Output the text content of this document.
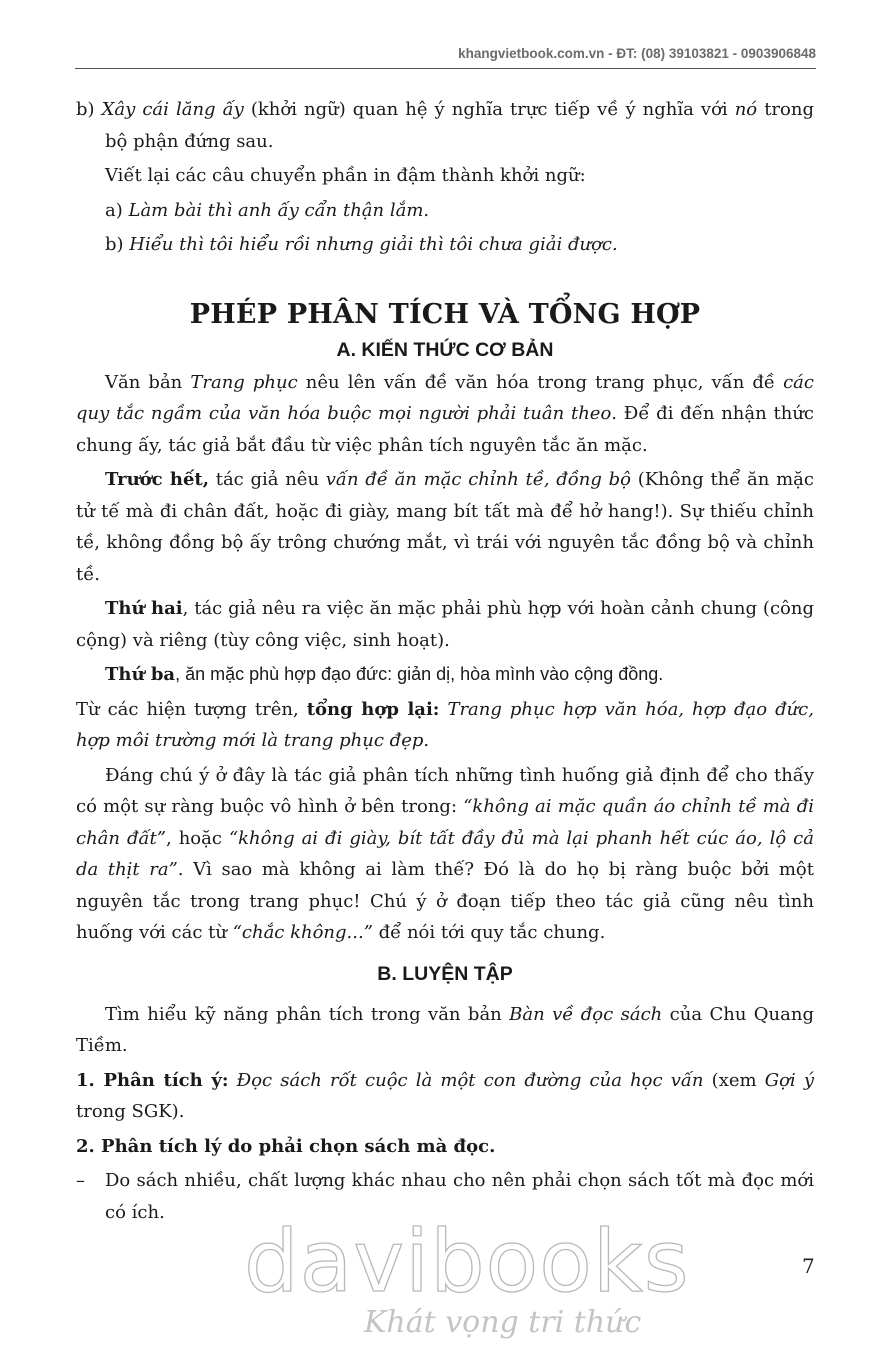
khangvietbook.com.vn - ĐT: (08) 39103821 - 0903906848

b) Xây cái lăng ấy (khởi ngữ) quan hệ ý nghĩa trực tiếp về ý nghĩa với nó trong bộ phận đứng sau.

Viết lại các câu chuyển phần in đậm thành khởi ngữ:

a) Làm bài thì anh ấy cẩn thận lắm.

b) Hiểu thì tôi hiểu rồi nhưng giải thì tôi chưa giải được.

PHÉP PHÂN TÍCH VÀ TỔNG HỢP
A. KIẾN THỨC CƠ BẢN

Văn bản Trang phục nêu lên vấn đề văn hóa trong trang phục, vấn đề các quy tắc ngầm của văn hóa buộc mọi người phải tuân theo. Để đi đến nhận thức chung ấy, tác giả bắt đầu từ việc phân tích nguyên tắc ăn mặc.

Trước hết, tác giả nêu vấn đề ăn mặc chỉnh tề, đồng bộ (Không thể ăn mặc tử tế mà đi chân đất, hoặc đi giày, mang bít tất mà để hở hang!). Sự thiếu chỉnh tề, không đồng bộ ấy trông chướng mắt, vì trái với nguyên tắc đồng bộ và chỉnh tề.

Thứ hai, tác giả nêu ra việc ăn mặc phải phù hợp với hoàn cảnh chung (công cộng) và riêng (tùy công việc, sinh hoạt).

Thứ ba, ăn mặc phù hợp đạo đức: giản dị, hòa mình vào cộng đồng.

Từ các hiện tượng trên, tổng hợp lại: Trang phục hợp văn hóa, hợp đạo đức, hợp môi trường mới là trang phục đẹp.

Đáng chú ý ở đây là tác giả phân tích những tình huống giả định để cho thấy có một sự ràng buộc vô hình ở bên trong: “không ai mặc quần áo chỉnh tề mà đi chân đất”, hoặc “không ai đi giày, bít tất đầy đủ mà lại phanh hết cúc áo, lộ cả da thịt ra”. Vì sao mà không ai làm thế? Đó là do họ bị ràng buộc bởi một nguyên tắc trong trang phục! Chú ý ở đoạn tiếp theo tác giả cũng nêu tình huống với các từ “chắc không...” để nói tới quy tắc chung.

B. LUYỆN TẬP

Tìm hiểu kỹ năng phân tích trong văn bản Bàn về đọc sách của Chu Quang Tiềm.

1. Phân tích ý: Đọc sách rốt cuộc là một con đường của học vấn (xem Gợi ý trong SGK).

2. Phân tích lý do phải chọn sách mà đọc.

– Do sách nhiều, chất lượng khác nhau cho nên phải chọn sách tốt mà đọc mới có ích.

7
davibooks
Khát vọng tri thức
